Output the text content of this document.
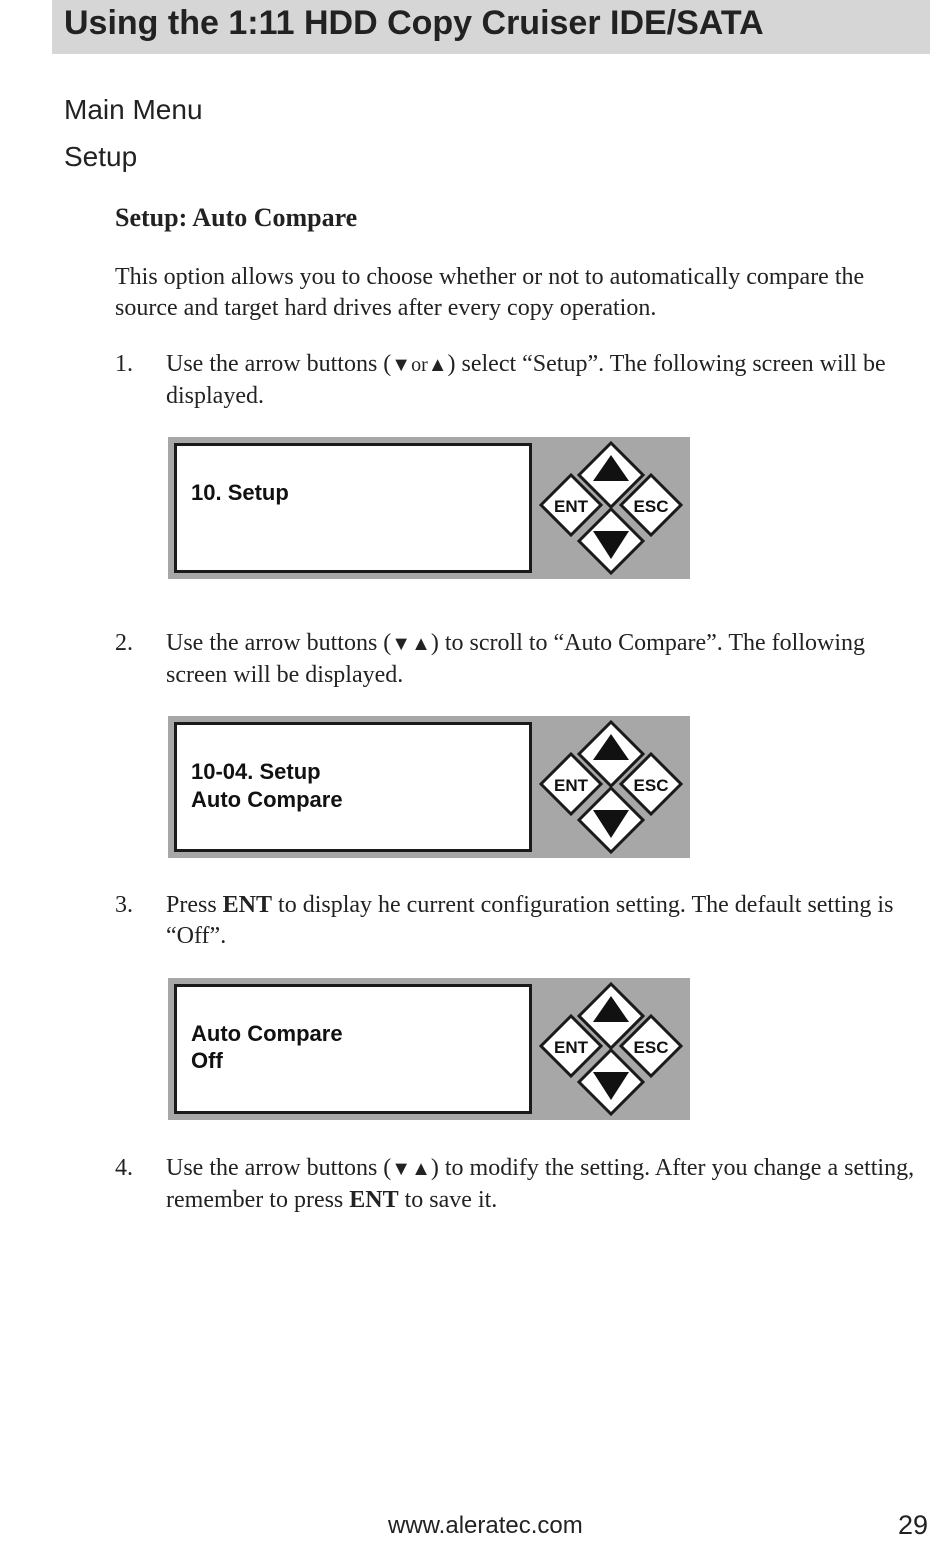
Using the 1:11 HDD Copy Cruiser IDE/SATA
Main Menu
Setup
Setup: Auto Compare
This option allows you to choose whether or not to automatically compare the source and target hard drives after every copy operation.
1. Use the arrow buttons (▼or▲) select “Setup”. The following screen will be displayed.
10. Setup
ENT	ESC
2. Use the arrow buttons (▼▲) to scroll to “Auto Compare”. The following screen will be displayed.
10-04. Setup
Auto Compare
ENT	ESC
3. Press ENT to display he current configuration setting. The default setting is “Off”.
Auto Compare
Off
ENT	ESC
4. Use the arrow buttons (▼▲) to modify the setting. After you change a setting, remember to press ENT to save it.
www.aleratec.com	29
